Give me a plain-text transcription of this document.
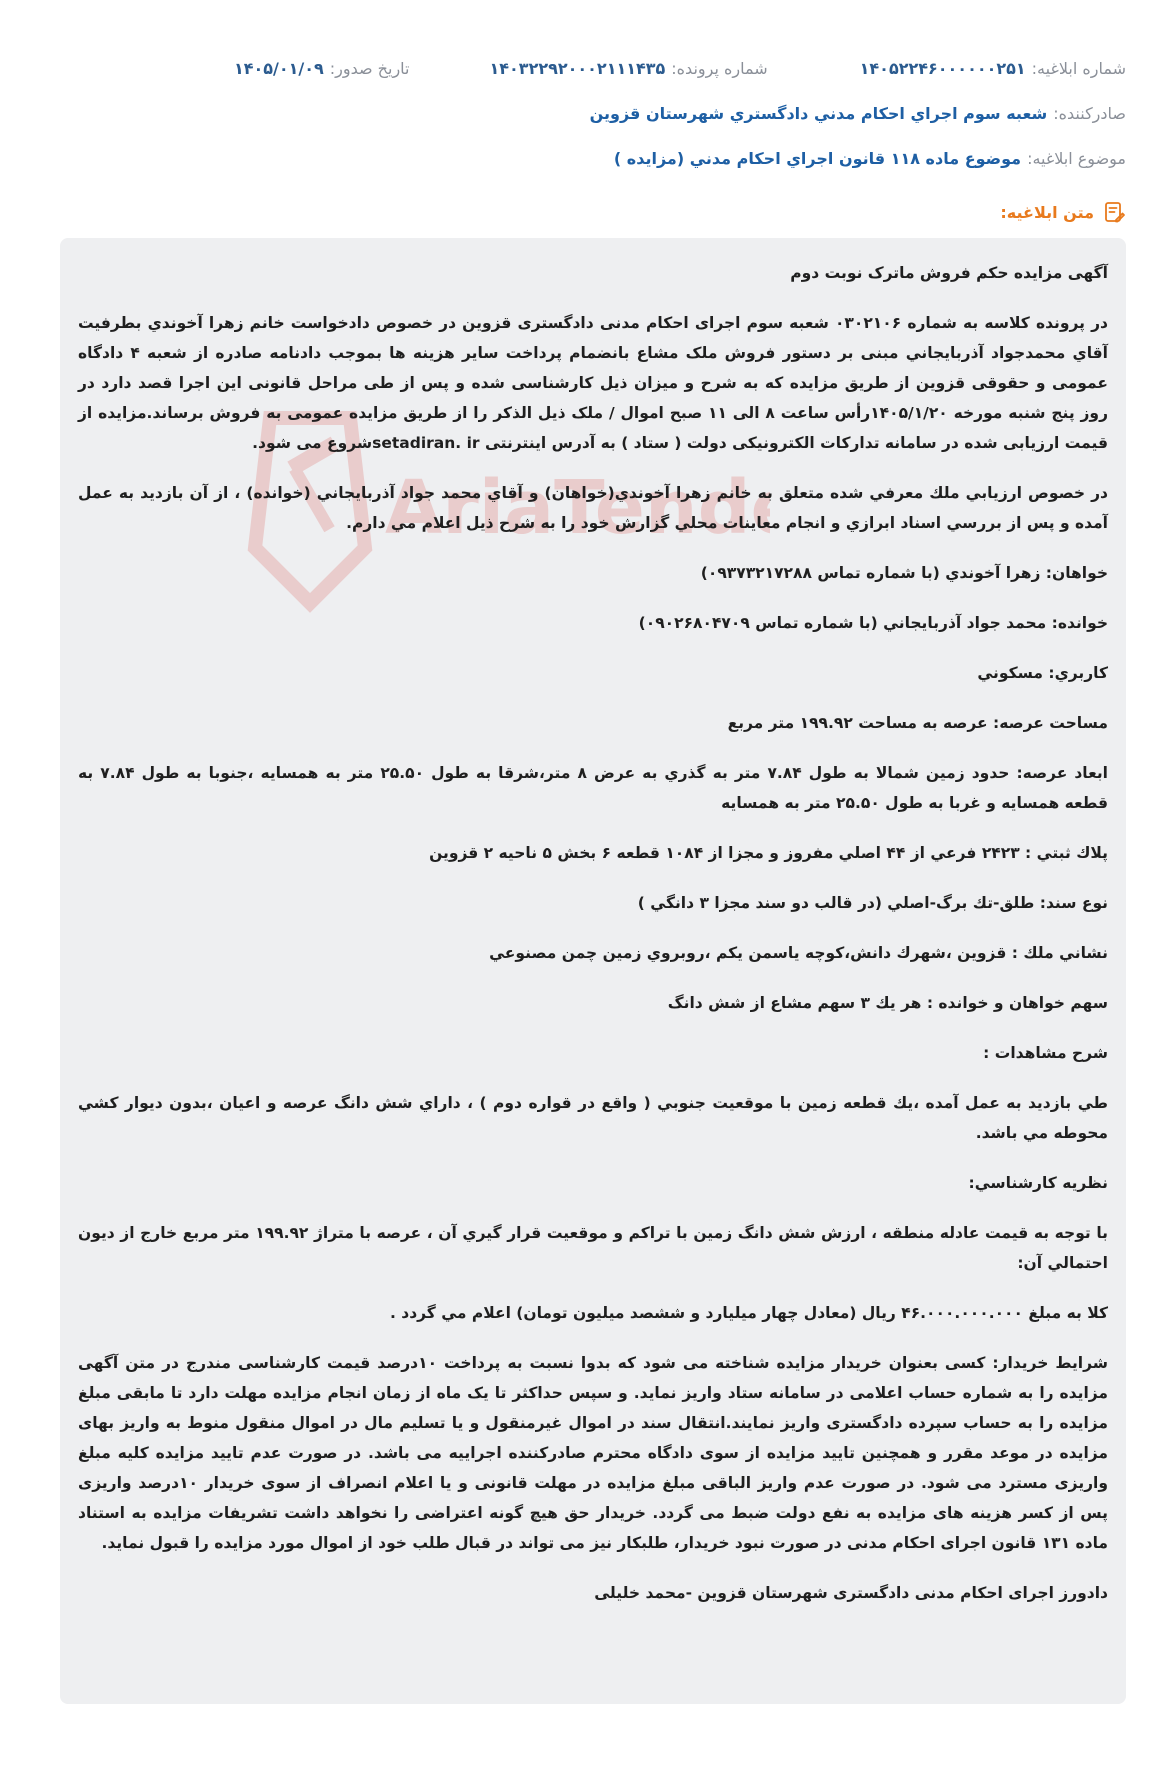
شماره ابلاغیه:
۱۴۰۵۲۲۴۶۰۰۰۰۰۰۲۵۱
شماره پرونده:
۱۴۰۳۲۲۹۲۰۰۰۲۱۱۱۴۳۵
تاریخ صدور:
۱۴۰۵/۰۱/۰۹
صادرکننده:
شعبه سوم اجراي احكام مدني دادگستري شهرستان قزوين
موضوع ابلاغیه:
موضوع ماده ۱۱۸ قانون اجراي احكام مدني (مزايده )
متن ابلاغیه:
AriaTend

آگهی مزایده حکم فروش ماترک نوبت دوم

در پرونده کلاسه به شماره ۰۳۰۲۱۰۶ شعبه سوم اجرای احکام مدنی دادگستری قزوین در خصوص دادخواست خانم زهرا آخوندي بطرفيت آقاي محمدجواد آذربايجاني مبنی بر دستور فروش ملک مشاع بانضمام پرداخت سایر هزینه ها بموجب دادنامه صادره از شعبه ۴ دادگاه عمومی و حقوقی قزوین از طریق مزایده که به شرح و میزان ذیل کارشناسی شده و پس از طی مراحل قانونی این اجرا قصد دارد در روز پنج شنبه مورخه ۱۴۰۵/۱/۲۰رأس ساعت ۸ الی ۱۱ صبح اموال / ملک ذیل الذکر را از طریق مزایده عمومی به فروش برساند.مزایده از قیمت ارزیابی شده در سامانه تدارکات الکترونیکی دولت ( ستاد ) به آدرس اینترنتی setadiran. irشروع می شود.

در خصوص ارزيابي ملك معرفي شده متعلق به خانم زهرا آخوندي(خواهان) و آقاي محمد جواد آذربايجاني (خوانده) ، از آن بازديد به عمل آمده و پس از بررسي اسناد ابرازي و انجام معاينات محلي گزارش خود را به شرح ذيل اعلام مي دارم.

خواهان: زهرا آخوندي (با شماره تماس ۰۹۳۷۳۲۱۷۲۸۸)

خوانده: محمد جواد آذربايجاني (با شماره تماس ۰۹۰۲۶۸۰۴۷۰۹)

كاربري: مسكوني

مساحت عرصه: عرصه به مساحت ۱۹۹.۹۲ متر مربع

ابعاد عرصه: حدود زمين شمالا به طول ۷.۸۴ متر به گذري به عرض ۸ متر،شرقا به طول ۲۵.۵۰ متر به همسايه ،جنوبا به طول ۷.۸۴ به قطعه همسايه و غربا به طول ۲۵.۵۰ متر به همسايه

پلاك ثبتي : ۲۴۲۳ فرعي از ۴۴ اصلي مفروز و مجزا از ۱۰۸۴ قطعه ۶ بخش ۵ ناحيه ۲ قزوين

نوع سند: طلق-تك برگ-اصلي (در قالب دو سند مجزا ۳ دانگي )

نشاني ملك : قزوين ،شهرك دانش،كوچه ياسمن يكم ،روبروي زمين چمن مصنوعي

سهم خواهان و خوانده : هر يك ۳ سهم مشاع از شش دانگ

شرح مشاهدات :

طي بازديد به عمل آمده ،يك قطعه زمين با موقعيت جنوبي ( واقع در قواره دوم ) ، داراي شش دانگ عرصه و اعيان ،بدون ديوار كشي محوطه مي باشد.

نظريه كارشناسي:

با توجه به قيمت عادله منطقه ، ارزش شش دانگ زمين با تراكم و موقعيت قرار گيري آن ، عرصه با متراژ ۱۹۹.۹۲ متر مربع خارج از ديون احتمالي آن:

كلا به مبلغ ۴۶.۰۰۰.۰۰۰.۰۰۰ ريال (معادل چهار ميليارد و ششصد ميليون تومان) اعلام مي گردد .

شرایط خریدار: کسی بعنوان خریدار مزایده شناخته می شود که بدوا نسبت به پرداخت ۱۰درصد قیمت کارشناسی مندرج در متن آگهی مزایده را به شماره حساب اعلامی در سامانه ستاد واریز نماید. و سپس حداکثر تا یک ماه از زمان انجام مزایده مهلت دارد تا مابقی مبلغ مزایده را به حساب سپرده دادگستری واریز نمایند.انتقال سند در اموال غیرمنقول و یا تسلیم مال در اموال منقول منوط به واریز بهای مزایده در موعد مقرر و همچنین تایید مزایده از سوی دادگاه محترم صادرکننده اجراییه می باشد. در صورت عدم تایید مزایده کلیه مبلغ واریزی مسترد می شود. در صورت عدم واریز الباقی مبلغ مزایده در مهلت قانونی و یا اعلام انصراف از سوی خریدار ۱۰درصد واریزی پس از کسر هزینه های مزایده به نفع دولت ضبط می گردد. خریدار حق هیچ گونه اعتراضی را نخواهد داشت تشریفات مزایده به استناد ماده ۱۳۱ قانون اجرای احکام مدنی در صورت نبود خریدار، طلبکار نیز می تواند در قبال طلب خود از اموال مورد مزایده را قبول نماید.

دادورز اجرای احکام مدنی دادگستری شهرستان قزوین -محمد خلیلی
